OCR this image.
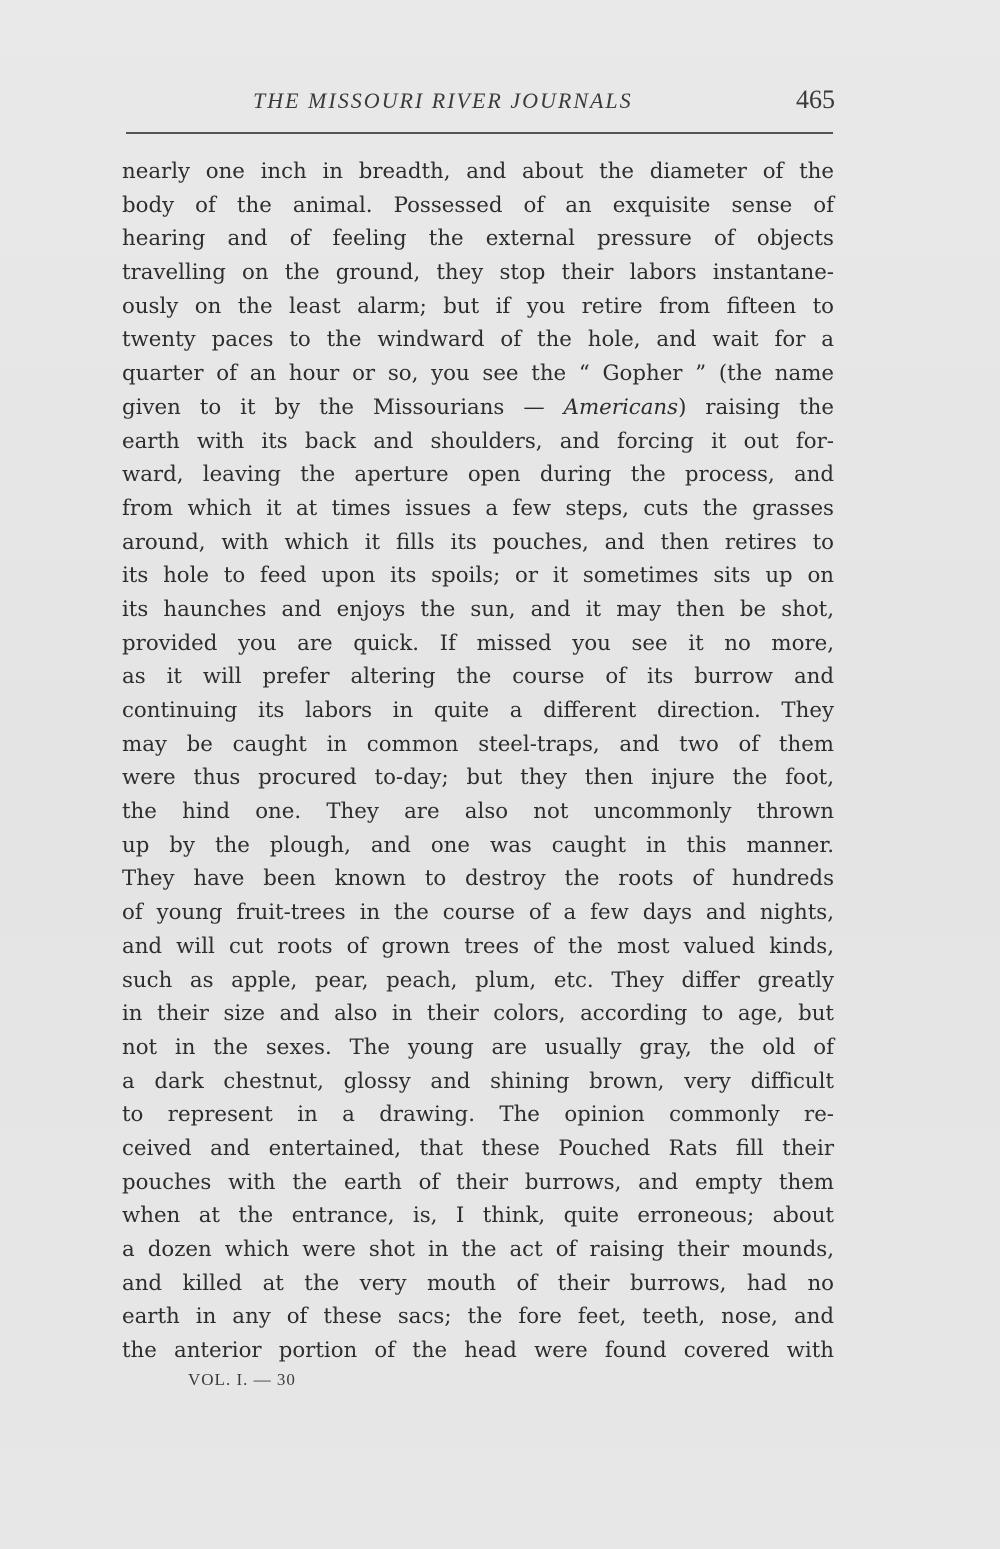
THE MISSOURI RIVER JOURNALS	465
nearly one inch in breadth, and about the diameter of the
body of the animal. Possessed of an exquisite sense of
hearing and of feeling the external pressure of objects
travelling on the ground, they stop their labors instantane-
ously on the least alarm; but if you retire from fifteen to
twenty paces to the windward of the hole, and wait for a
quarter of an hour or so, you see the “ Gopher ” (the name
given to it by the Missourians — Americans) raising the
earth with its back and shoulders, and forcing it out for-
ward, leaving the aperture open during the process, and
from which it at times issues a few steps, cuts the grasses
around, with which it fills its pouches, and then retires to
its hole to feed upon its spoils; or it sometimes sits up on
its haunches and enjoys the sun, and it may then be shot,
provided you are quick. If missed you see it no more,
as it will prefer altering the course of its burrow and
continuing its labors in quite a different direction. They
may be caught in common steel-traps, and two of them
were thus procured to-day; but they then injure the foot,
the hind one. They are also not uncommonly thrown
up by the plough, and one was caught in this manner.
They have been known to destroy the roots of hundreds
of young fruit-trees in the course of a few days and nights,
and will cut roots of grown trees of the most valued kinds,
such as apple, pear, peach, plum, etc. They differ greatly
in their size and also in their colors, according to age, but
not in the sexes. The young are usually gray, the old of
a dark chestnut, glossy and shining brown, very difficult
to represent in a drawing. The opinion commonly re-
ceived and entertained, that these Pouched Rats fill their
pouches with the earth of their burrows, and empty them
when at the entrance, is, I think, quite erroneous; about
a dozen which were shot in the act of raising their mounds,
and killed at the very mouth of their burrows, had no
earth in any of these sacs; the fore feet, teeth, nose, and
the anterior portion of the head were found covered with
VOL. I. — 30
